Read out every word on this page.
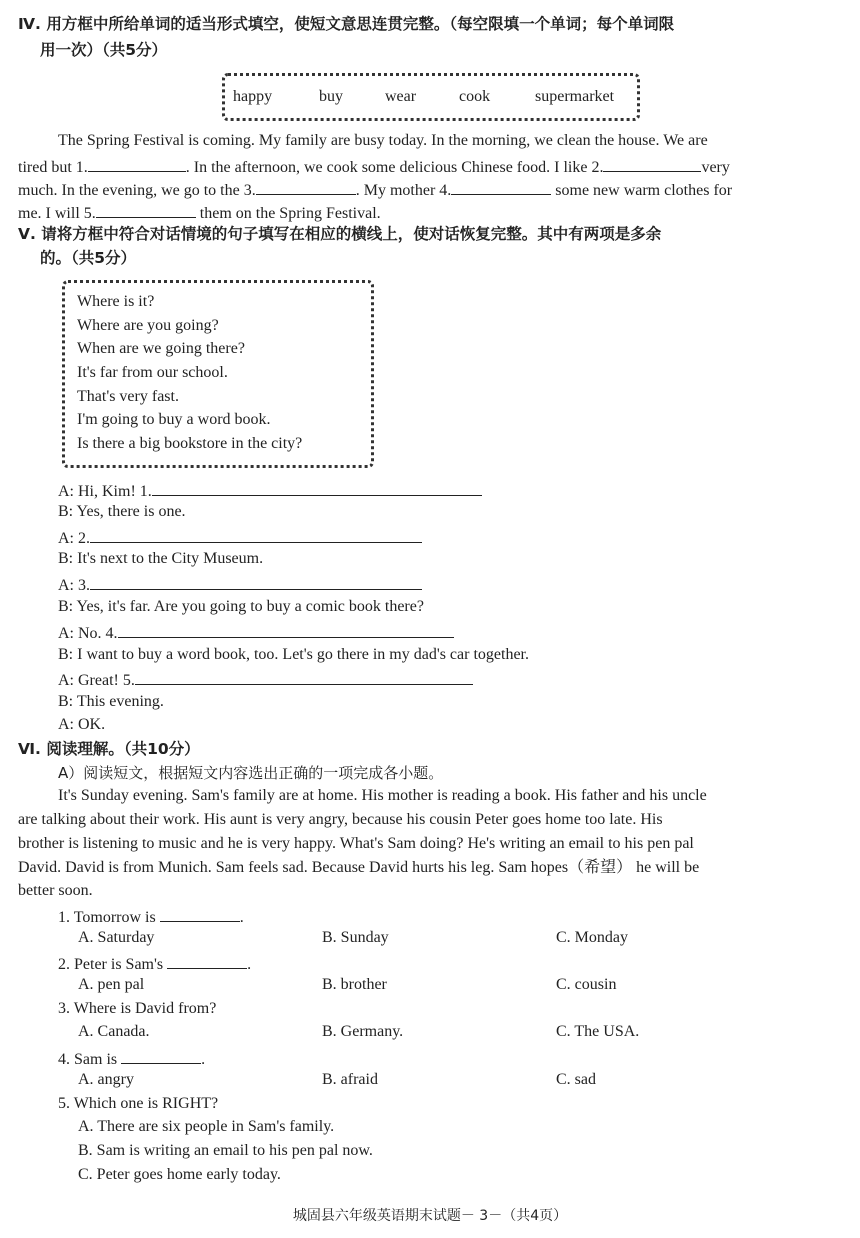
Ⅳ. 用方框中所给单词的适当形式填空，使短文意思连贯完整。（每空限填一个单词；每个单词限
用一次）（共5分）
happy	buy	wear	cook	supermarket
The Spring Festival is coming. My family are busy today. In the morning, we clean the house. We are
tired but 1.	. In the afternoon, we cook some delicious Chinese food. I like 2.	very
much. In the evening, we go to the 3.	. My mother 4.	some new warm clothes for
me. I will 5.	them on the Spring Festival.
Ⅴ. 请将方框中符合对话情境的句子填写在相应的横线上，使对话恢复完整。其中有两项是多余
的。（共5分）
Where is it?
Where are you going?
When are we going there?
It's far from our school.
That's very fast.
I'm going to buy a word book.
Is there a big bookstore in the city?
A: Hi, Kim! 1.
B: Yes, there is one.
A: 2.
B: It's next to the City Museum.
A: 3.
B: Yes, it's far. Are you going to buy a comic book there?
A: No. 4.
B: I want to buy a word book, too. Let's go there in my dad's car together.
A: Great! 5.
B: This evening.
A: OK.
Ⅵ. 阅读理解。（共10分）
A）阅读短文，根据短文内容选出正确的一项完成各小题。
It's Sunday evening. Sam's family are at home. His mother is reading a book. His father and his uncle
are talking about their work. His aunt is very angry, because his cousin Peter goes home too late. His
brother is listening to music and he is very happy. What's Sam doing? He's writing an email to his pen pal
David. David is from Munich. Sam feels sad. Because David hurts his leg. Sam hopes（希望） he will be
better soon.
1. Tomorrow is	.
A. Saturday	B. Sunday	C. Monday
2. Peter is Sam's	.
A. pen pal	B. brother	C. cousin
3. Where is David from?
A. Canada.	B. Germany.	C. The USA.
4. Sam is	.
A. angry	B. afraid	C. sad
5. Which one is RIGHT?
A. There are six people in Sam's family.
B. Sam is writing an email to his pen pal now.
C. Peter goes home early today.
城固县六年级英语期末试题－ 3－（共4页）
